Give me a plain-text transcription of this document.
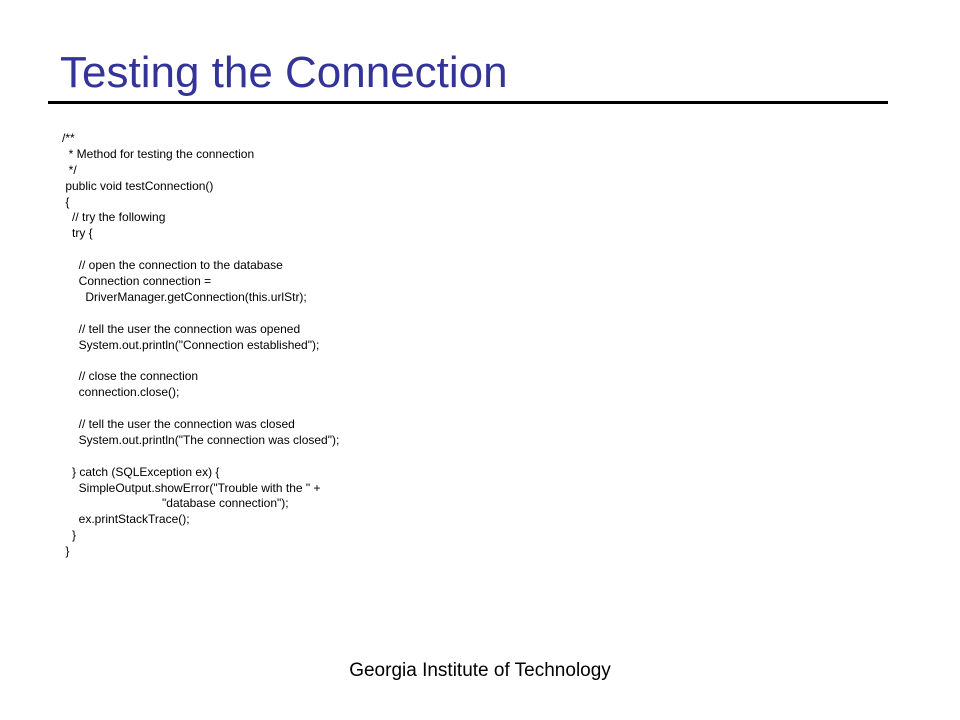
Testing the Connection
/**
* Method for testing the connection
*/
public void testConnection()
{
// try the following
try {
// open the connection to the database
Connection connection =
DriverManager.getConnection(this.urlStr);
// tell the user the connection was opened
System.out.println("Connection established");
// close the connection
connection.close();
// tell the user the connection was closed
System.out.println("The connection was closed");
} catch (SQLException ex) {
SimpleOutput.showError("Trouble with the " +
"database connection");
ex.printStackTrace();
}
}
Georgia Institute of Technology
